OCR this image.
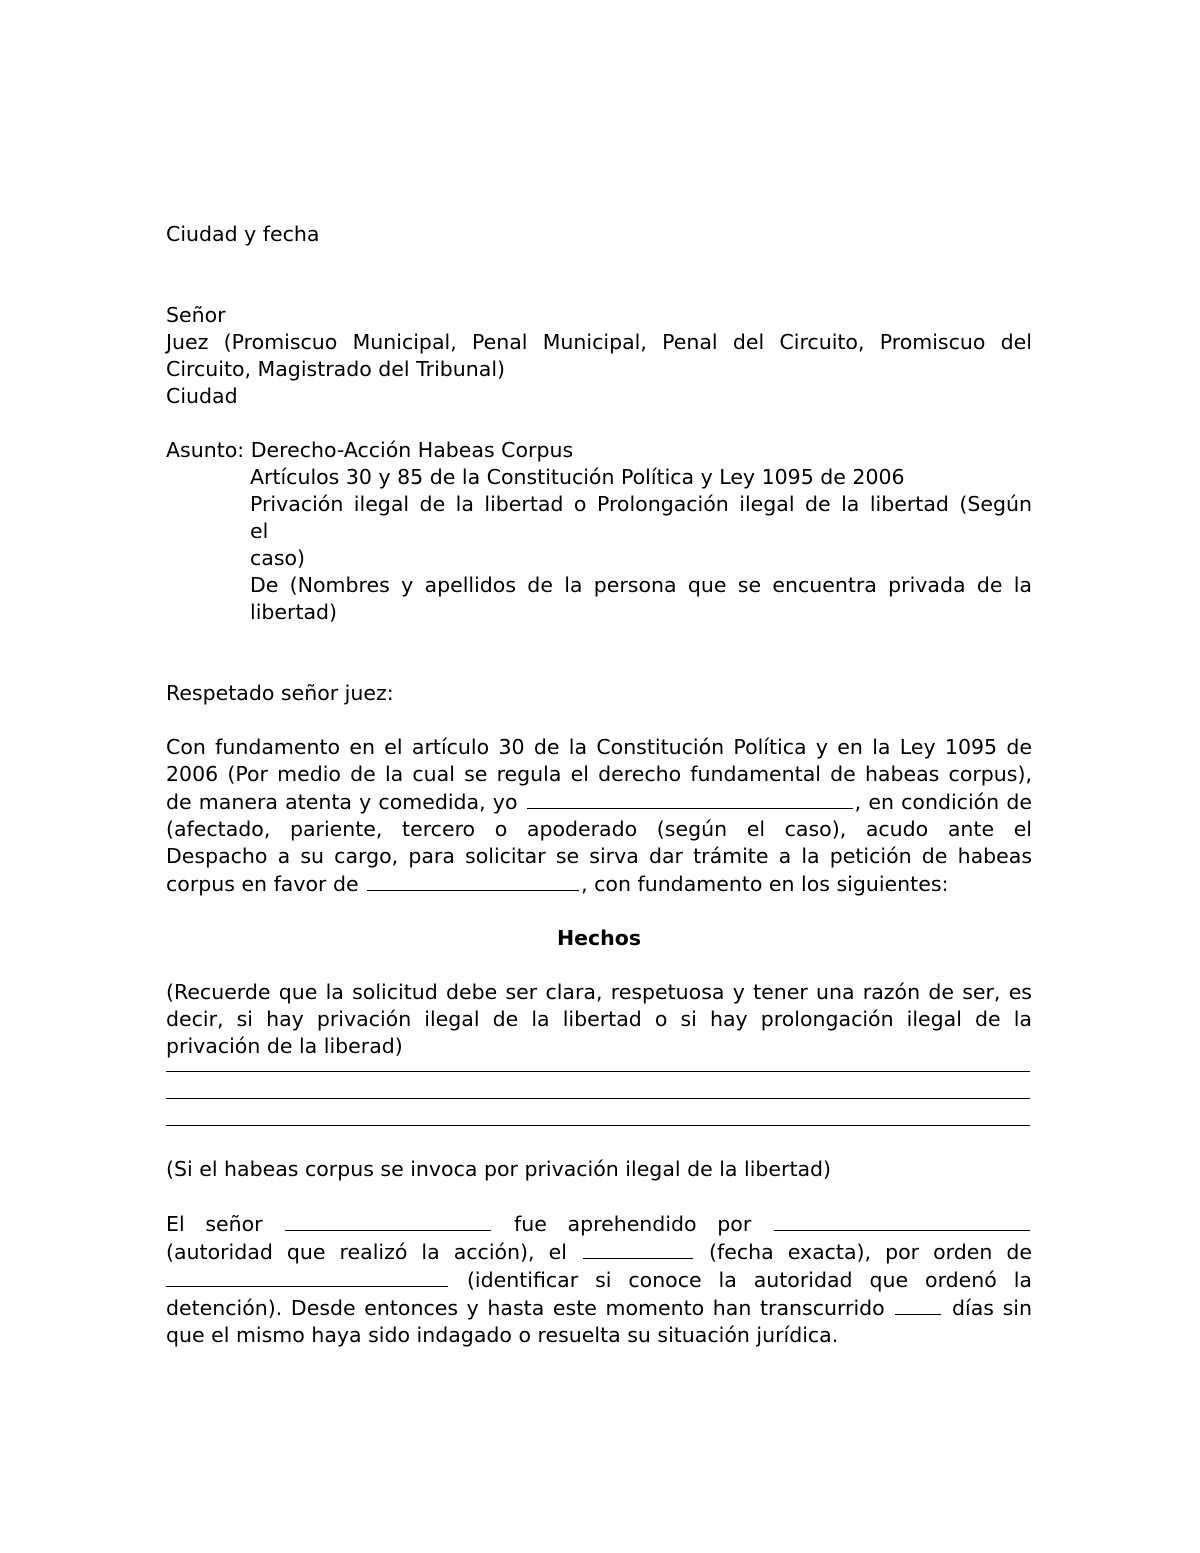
Ciudad y fecha
Señor
Juez (Promiscuo Municipal, Penal Municipal, Penal del Circuito, Promiscuo del
Circuito, Magistrado del Tribunal)
Ciudad
Asunto: Derecho-Acción Habeas Corpus
Artículos 30 y 85 de la Constitución Política y Ley 1095 de 2006
Privación ilegal de la libertad o Prolongación ilegal de la libertad (Según
el
caso)
De (Nombres y apellidos de la persona que se encuentra privada de la
libertad)
Respetado señor juez:
Con fundamento en el artículo 30 de la Constitución Política y en la Ley 1095 de
2006 (Por medio de la cual se regula el derecho fundamental de habeas corpus),
de manera atenta y comedida, yo	, en condición de
(afectado, pariente, tercero o apoderado (según el caso), acudo ante el
Despacho a su cargo, para solicitar se sirva dar trámite a la petición de habeas
corpus en favor de	, con fundamento en los siguientes:
Hechos
(Recuerde que la solicitud debe ser clara, respetuosa y tener una razón de ser, es
decir, si hay privación ilegal de la libertad o si hay prolongación ilegal de la
privación de la liberad)
(Si el habeas corpus se invoca por privación ilegal de la libertad)
El señor	fue aprehendido por
(autoridad que realizó la acción), el	(fecha exacta), por orden de
(identificar si conoce la autoridad que ordenó la
detención). Desde entonces y hasta este momento han transcurrido	días sin
que el mismo haya sido indagado o resuelta su situación jurídica.
